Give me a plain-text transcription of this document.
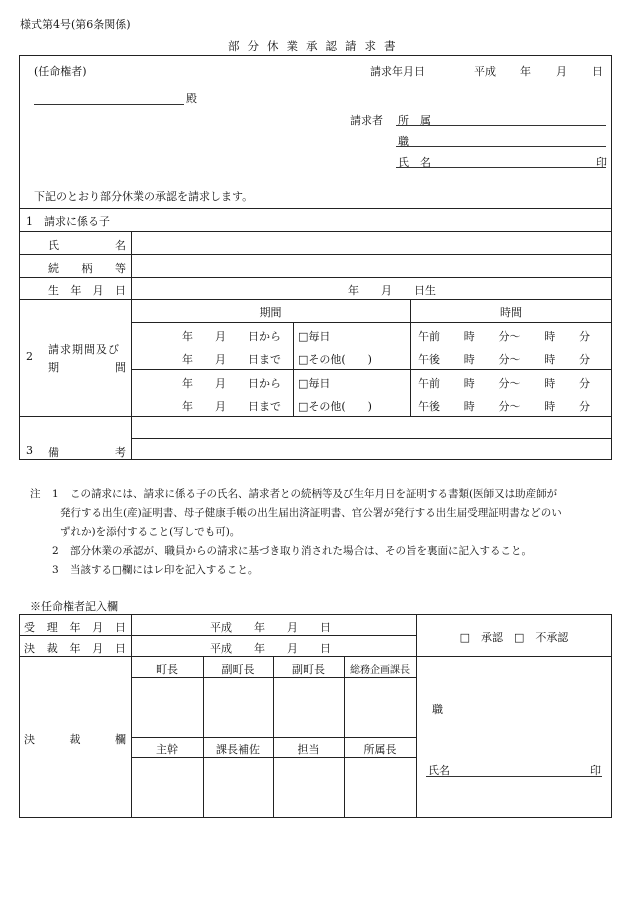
様式第4号(第6条関係)
部分休業承認請求書
(任命権者)
殿
請求年月日	平成 年 月 日
請求者 所　属
職
氏　名	印
下記のとおり部分休業の承認を請求します。
1　請求に係る子
氏	名
続 柄 等
生 年 月 日	年　　月　　日生
2
請求期間及び
期	間
期間	時間
年　　月　　日から □毎日	午前 時 分〜 時 分
年　　月　　日まで □その他(　　)	午後 時 分〜 時 分
年　　月　　日から □毎日	午前 時 分〜 時 分
年　　月　　日まで □その他(　　)	午後 時 分〜 時 分
3 備	考
注 1 この請求には、請求に係る子の氏名、請求者との続柄等及び生年月日を証明する書類(医師又は助産師が
発行する出生(産)証明書、母子健康手帳の出生届出済証明書、官公署が発行する出生届受理証明書などのい
ずれか)を添付すること(写しでも可)。
2 部分休業の承認が、職員からの請求に基づき取り消された場合は、その旨を裏面に記入すること。
3 当該する□欄にはレ印を記入すること。
※任命権者記入欄
受 理 年 月 日	平成　　年　　月　　日
決 裁 年 月 日	平成　　年　　月　　日
□　承認　□　不承認
決	裁	欄
町長	副町長	副町長	総務企画課長
主幹	課長補佐	担当	所属長
職
氏名	印
